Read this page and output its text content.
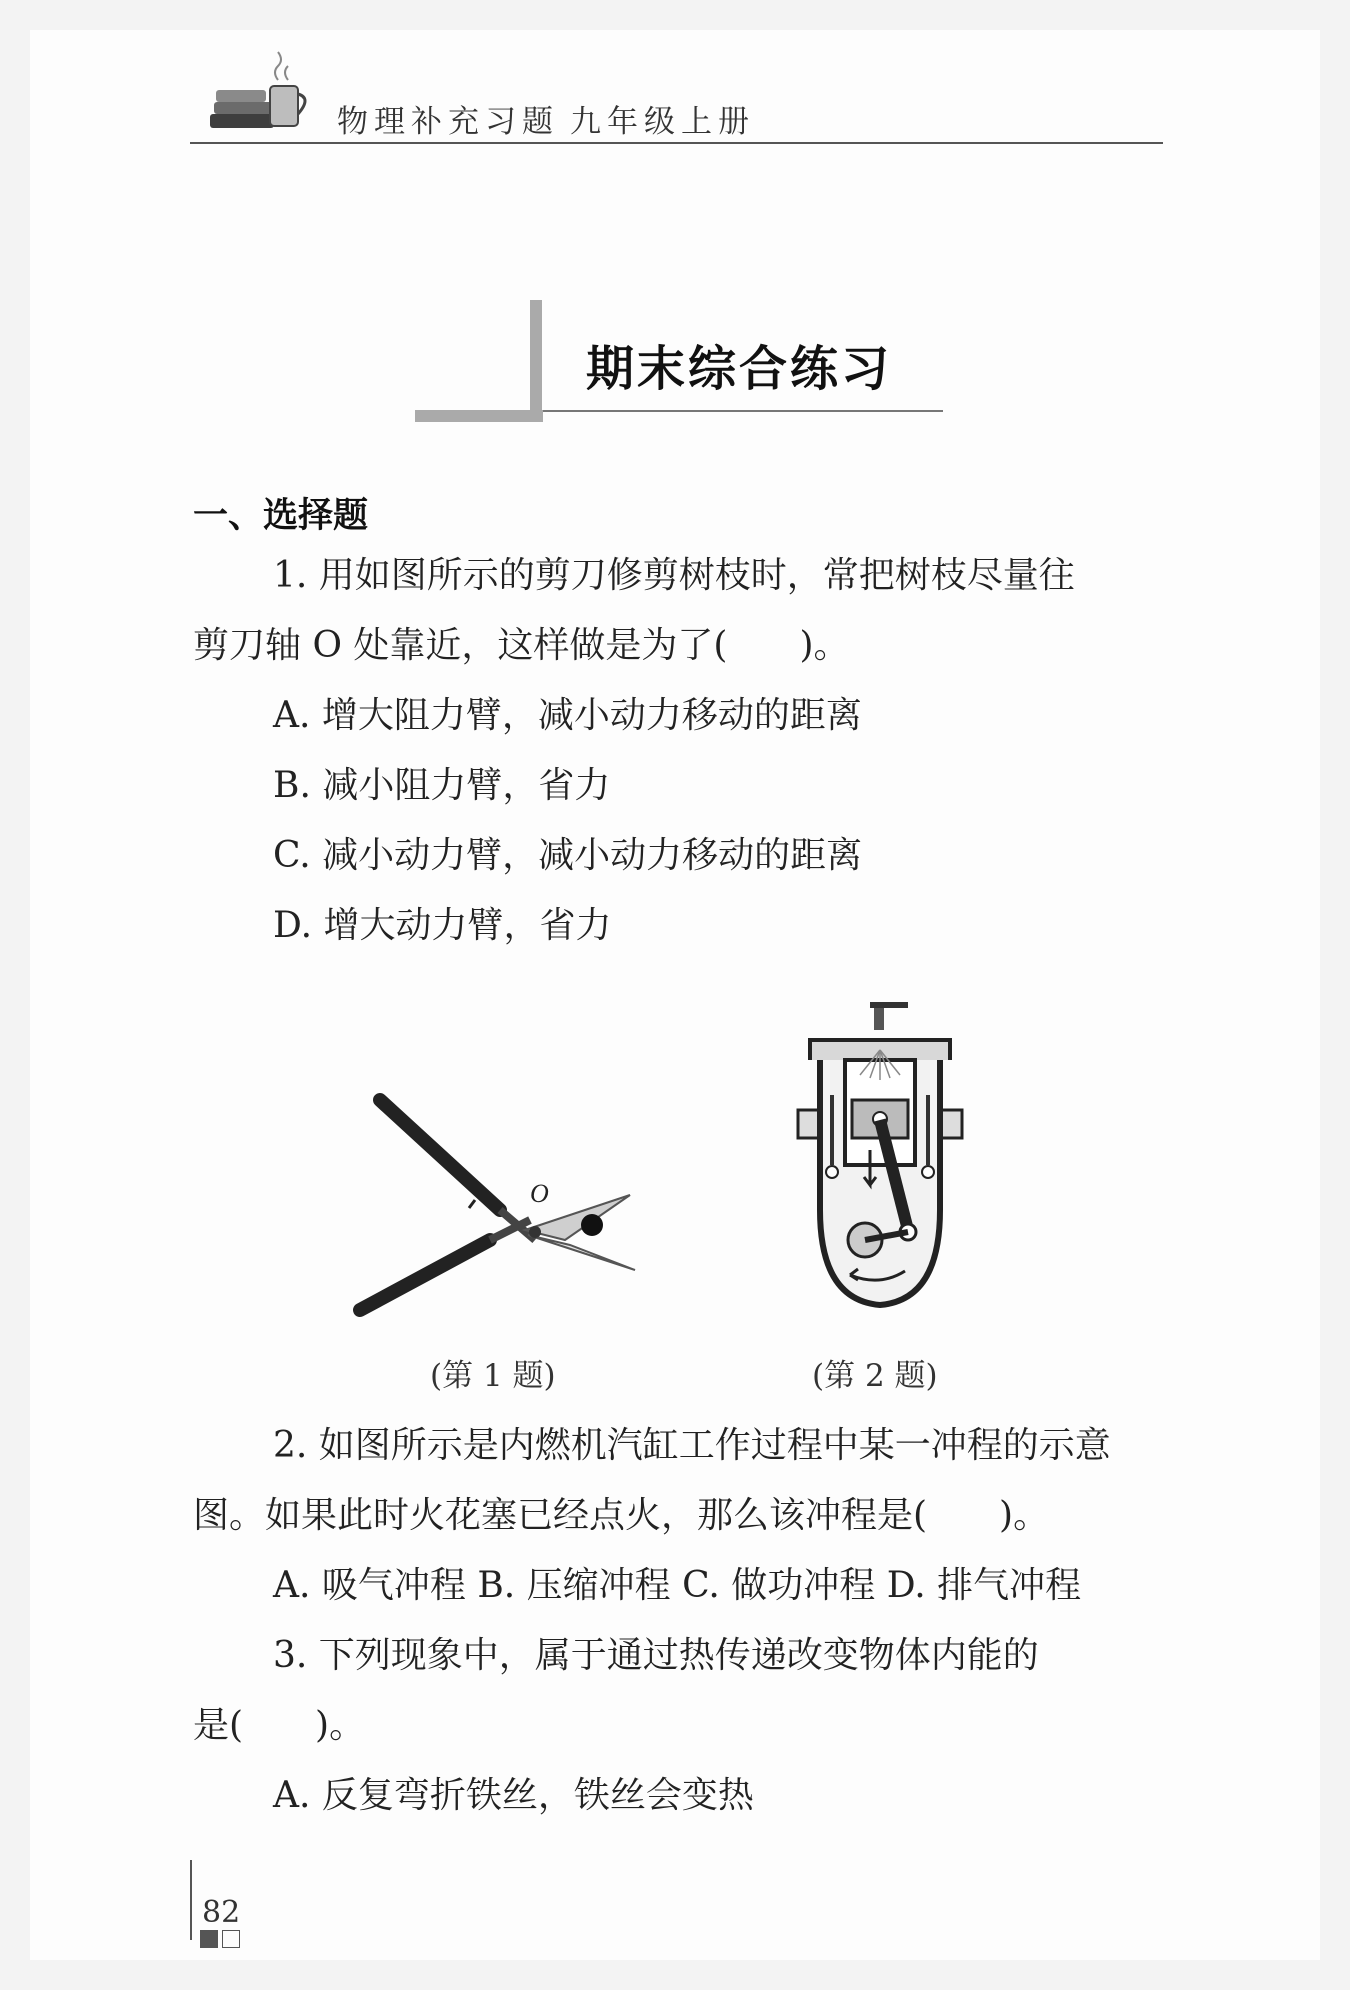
物理补充习题 九年级上册
期末综合练习
一、选择题
1. 用如图所示的剪刀修剪树枝时，常把树枝尽量往
剪刀轴 O 处靠近，这样做是为了(　　)。
A. 增大阻力臂，减小动力移动的距离
B. 减小阻力臂，省力
C. 减小动力臂，减小动力移动的距离
D. 增大动力臂，省力
O
(第 1 题)	(第 2 题)
2. 如图所示是内燃机汽缸工作过程中某一冲程的示意
图。如果此时火花塞已经点火，那么该冲程是(　　)。
A. 吸气冲程 B. 压缩冲程 C. 做功冲程 D. 排气冲程
3. 下列现象中，属于通过热传递改变物体内能的
是(　　)。
A. 反复弯折铁丝，铁丝会变热
82
